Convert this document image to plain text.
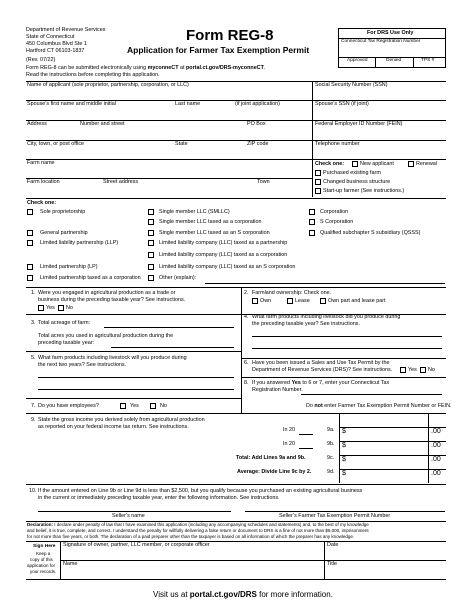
Department of Revenue Services
State of Connecticut
450 Columbus Blvd Ste 1
Hartford CT 06103-1837
(Rev. 07/22)
Form REG-8
Application for Farmer Tax Exemption Permit
Form REG-8 can be submitted electronically using myconneCT at portal.ct.gov/DRS-myconneCT.
Read the instructions before completing this application.
For DRS Use Only
Connecticut Tax Registration Number
Approved	Denied	TPS #
Name of applicant (sole proprietor, partnership, corporation, or LLC)	Social Security Number (SSN)
Spouse’s first name and middle initial	Last name	(if joint application)	Spouse’s SSN (if joint)
Address	Number and street	PO Box	Federal Employer ID Number (FEIN)
City, town, or post office	State	ZIP code	Telephone number
Farm name
Farm location	Street address	Town
Check one:	New applicant	Renewal
Purchased existing farm
Changed business structure
Start-up farmer (See instructions.)
Check one:
Sole proprietorship
General partnership
Limited liability partnership (LLP)
Limited partnership (LP)
Limited partnership taxed as a corporation
Single member LLC (SMLLC)
Single member LLC taxed as a corporation
Single member LLC taxed as an S corporation
Limited liability company (LLC) taxed as a partnership
Limited liability company (LLC) taxed as a corporation
Limited liability company (LLC) taxed as an S corporation
Other (explain):
Corporation
S Corporation
Qualified subchapter S subsidiary (QSSS)
1. Were you engaged in agricultural production as a trade or
business during the preceding taxable year? See instructions.
Yes No
2. Farmland ownership: Check one.
Own	Lease	Own part and lease part
3. Total acreage of farm:
Total acres you used in agricultural production during the
preceding taxable year:
4. What farm products including livestock did you produce during
the preceding taxable year? See instructions.
5. What farm products including livestock will you produce during
the next two years? See instructions.	6. Have you been issued a Sales and Use Tax Permit by the
Department of Revenue Services (DRS)? See instructions.	Yes No
8. If you answered Yes to 6 or 7, enter your Connecticut Tax
Registration Number.
Do not enter Farmer Tax Exemption Permit Number or FEIN.
7. Do you have employees?	Yes	No
9. State the gross income you derived solely from agricultural production
as reported on your federal income tax return. See instructions.	In 20	9a. $	.00
In 20	9b. $	.00
Total: Add Lines 9a and 9b.	9c. $	.00
Average: Divide Line 9c by 2.	9d. $	.00
10. If the amount entered on Line 9b or Line 9d is less than $2,500, but you qualify because you purchased an existing agricultural business
in the current or immediately preceding taxable year, enter the following information. See instructions.
Seller’s name	Seller’s Farmer Tax Exemption Permit Number
Declaration: I declare under penalty of law that I have examined this application (including any accompanying schedules and statements) and, to the best of my knowledge
and belief, it is true, complete, and correct. I understand the penalty for willfully delivering a false return or document to DRS is a fine of not more than $5,000, imprisonment
for not more than five years, or both. The declaration of a paid preparer other than the taxpayer is based on all information of which the preparer has any knowledge.
Sign Here
Keep a
copy of this
application for
your records.
Signature of owner, partner, LLC member, or corporate officer	Date
Name	Title
Visit us at portal.ct.gov/DRS for more information.
